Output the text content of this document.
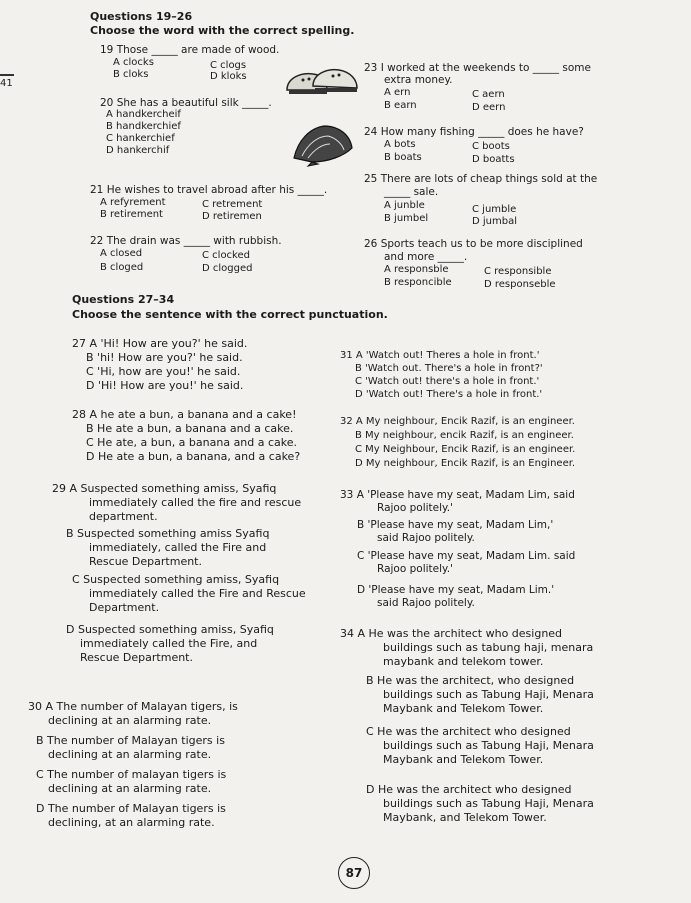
41
Questions 19–26
Choose the word with the correct spelling.
19 Those _____ are made of wood.
A clocks
B cloks
C clogs
D kloks
20 She has a beautiful silk _____.
A handkercheif
B handkerchief
C hankerchief
D hankerchif
21 He wishes to travel abroad after his _____.
A refyrement
B retirement
C retrement
D retiremen
22 The drain was _____ with rubbish.
A closed
B cloged
C clocked
D clogged
23 I worked at the weekends to _____ some
extra money.
A ern
B earn
C aern
D eern
24 How many fishing _____ does he have?
A bots
B boats
C boots
D boatts
25 There are lots of cheap things sold at the
_____ sale.
A junble
B jumbel
C jumble
D jumbal
26 Sports teach us to be more disciplined
and more _____.
A responsble
B responcible
C responsible
D responseble
Questions 27–34
Choose the sentence with the correct punctuation.
27 A 'Hi! How are you?' he said.
B 'hi! How are you?' he said.
C 'Hi, how are you!' he said.
D 'Hi! How are you!' he said.
28 A he ate a bun, a banana and a cake!
B He ate a bun, a banana and a cake.
C He ate, a bun, a banana and a cake.
D He ate a bun, a banana, and a cake?
29 A Suspected something amiss, Syafiq
immediately called the fire and rescue
department.
B Suspected something amiss Syafiq
immediately, called the Fire and
Rescue Department.
C Suspected something amiss, Syafiq
immediately called the Fire and Rescue
Department.
D Suspected something amiss, Syafiq
immediately called the Fire, and
Rescue Department.
30 A The number of Malayan tigers, is
declining at an alarming rate.
B The number of Malayan tigers is
declining at an alarming rate.
C The number of malayan tigers is
declining at an alarming rate.
D The number of Malayan tigers is
declining, at an alarming rate.
31 A 'Watch out! Theres a hole in front.'
B 'Watch out. There's a hole in front?'
C 'Watch out! there's a hole in front.'
D 'Watch out! There's a hole in front.'
32 A My neighbour, Encik Razif, is an engineer.
B My neighbour, encik Razif, is an engineer.
C My Neighbour, Encik Razif, is an engineer.
D My neighbour, Encik Razif, is an Engineer.
33 A 'Please have my seat, Madam Lim, said
Rajoo politely.'
B 'Please have my seat, Madam Lim,'
said Rajoo politely.
C 'Please have my seat, Madam Lim. said
Rajoo politely.'
D 'Please have my seat, Madam Lim.'
said Rajoo politely.
34 A He was the architect who designed
buildings such as tabung haji, menara
maybank and telekom tower.
B He was the architect, who designed
buildings such as Tabung Haji, Menara
Maybank and Telekom Tower.
C He was the architect who designed
buildings such as Tabung Haji, Menara
Maybank and Telekom Tower.
D He was the architect who designed
buildings such as Tabung Haji, Menara
Maybank, and Telekom Tower.
87
